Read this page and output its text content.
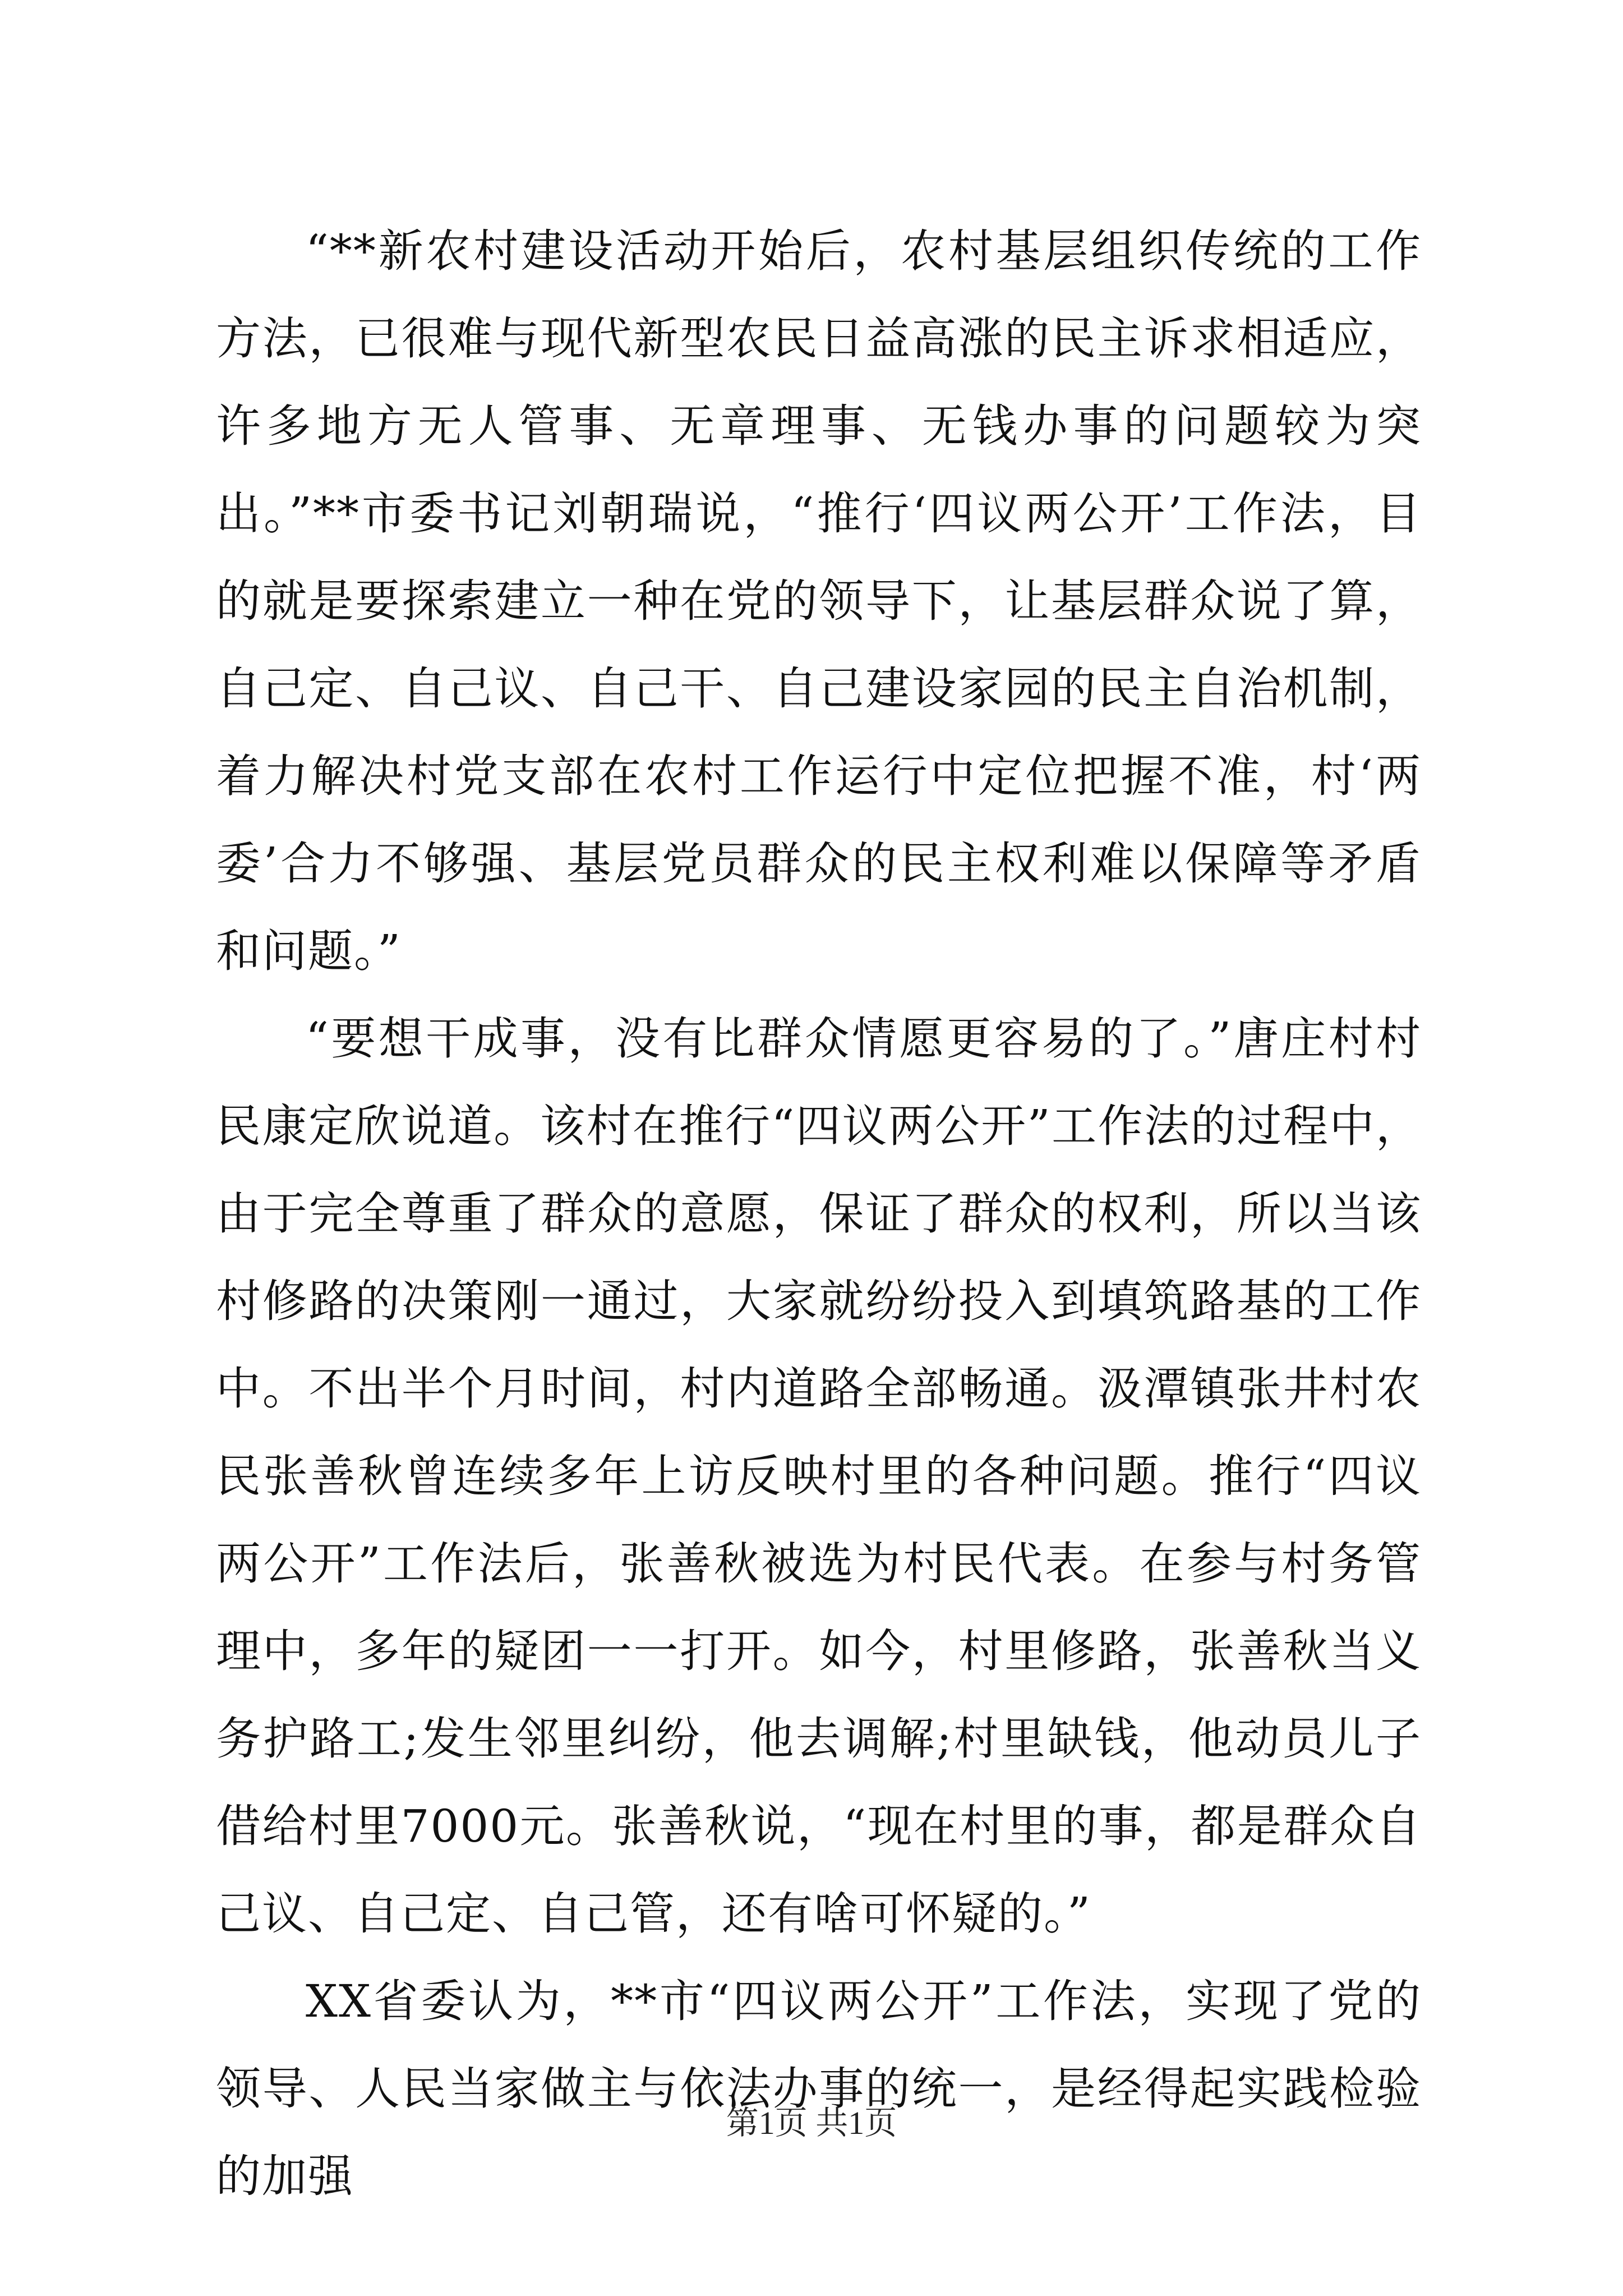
“**新农村建设活动开始后，农村基层组织传统的工作方法，已很难与现代新型农民日益高涨的民主诉求相适应，许多地方无人管事、无章理事、无钱办事的问题较为突出。”**市委书记刘朝瑞说，“推行‘四议两公开’工作法，目的就是要探索建立一种在党的领导下，让基层群众说了算，自己定、自己议、自己干、自己建设家园的民主自治机制，着力解决村党支部在农村工作运行中定位把握不准，村‘两委’合力不够强、基层党员群众的民主权利难以保障等矛盾和问题。”

“要想干成事，没有比群众情愿更容易的了。”唐庄村村民康定欣说道。该村在推行“四议两公开”工作法的过程中，由于完全尊重了群众的意愿，保证了群众的权利，所以当该村修路的决策刚一通过，大家就纷纷投入到填筑路基的工作中。不出半个月时间，村内道路全部畅通。汲潭镇张井村农民张善秋曾连续多年上访反映村里的各种问题。推行“四议两公开”工作法后，张善秋被选为村民代表。在参与村务管理中，多年的疑团一一打开。如今，村里修路，张善秋当义务护路工;发生邻里纠纷，他去调解;村里缺钱，他动员儿子借给村里7000元。张善秋说，“现在村里的事，都是群众自己议、自己定、自己管，还有啥可怀疑的。”

XX省委认为，**市“四议两公开”工作法，实现了党的领导、人民当家做主与依法办事的统一，是经得起实践检验的加强

第1页 共1页
